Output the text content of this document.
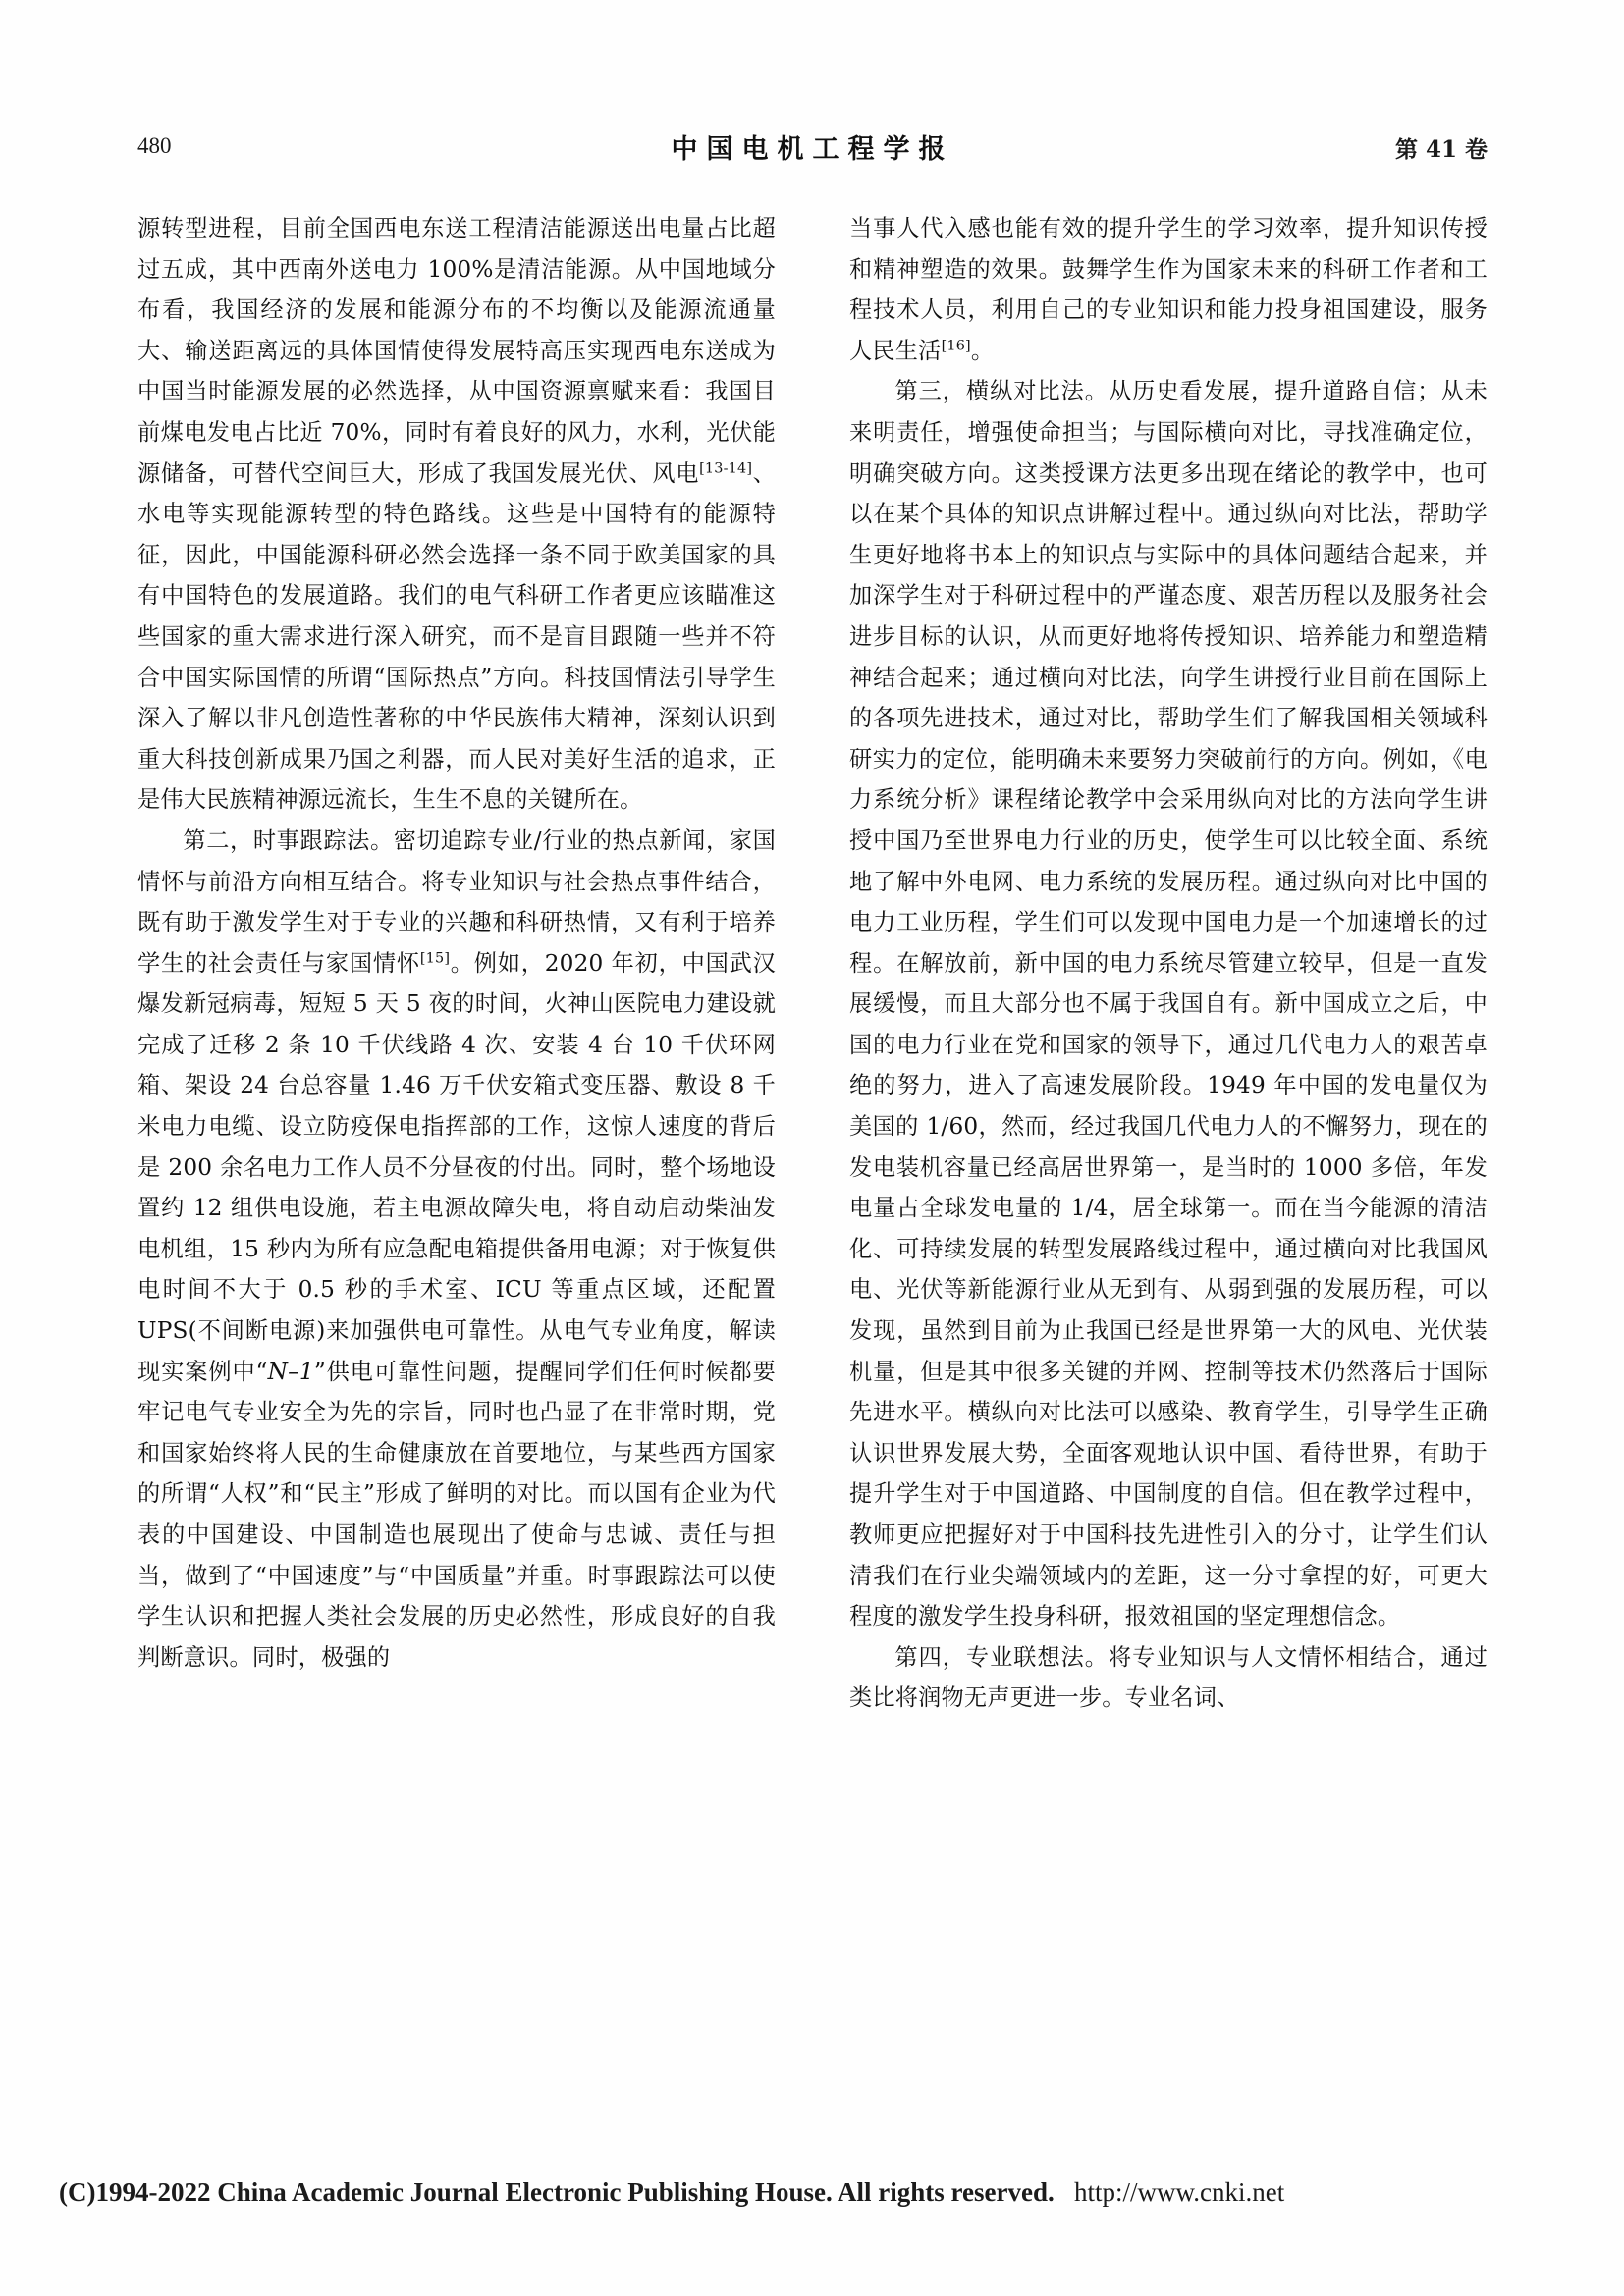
480	中国电机工程学报	第 41 卷

源转型进程，目前全国西电东送工程清洁能源送出电量占比超过五成，其中西南外送电力 100%是清洁能源。从中国地域分布看，我国经济的发展和能源分布的不均衡以及能源流通量大、输送距离远的具体国情使得发展特高压实现西电东送成为中国当时能源发展的必然选择，从中国资源禀赋来看：我国目前煤电发电占比近 70%，同时有着良好的风力，水利，光伏能源储备，可替代空间巨大，形成了我国发展光伏、风电[13-14]、水电等实现能源转型的特色路线。这些是中国特有的能源特征，因此，中国能源科研必然会选择一条不同于欧美国家的具有中国特色的发展道路。我们的电气科研工作者更应该瞄准这些国家的重大需求进行深入研究，而不是盲目跟随一些并不符合中国实际国情的所谓“国际热点”方向。科技国情法引导学生深入了解以非凡创造性著称的中华民族伟大精神，深刻认识到重大科技创新成果乃国之利器，而人民对美好生活的追求，正是伟大民族精神源远流长，生生不息的关键所在。

第二，时事跟踪法。密切追踪专业/行业的热点新闻，家国情怀与前沿方向相互结合。将专业知识与社会热点事件结合，既有助于激发学生对于专业的兴趣和科研热情，又有利于培养学生的社会责任与家国情怀[15]。例如，2020 年初，中国武汉爆发新冠病毒，短短 5 天 5 夜的时间，火神山医院电力建设就完成了迁移 2 条 10 千伏线路 4 次、安装 4 台 10 千伏环网箱、架设 24 台总容量 1.46 万千伏安箱式变压器、敷设 8 千米电力电缆、设立防疫保电指挥部的工作，这惊人速度的背后是 200 余名电力工作人员不分昼夜的付出。同时，整个场地设置约 12 组供电设施，若主电源故障失电，将自动启动柴油发电机组，15 秒内为所有应急配电箱提供备用电源；对于恢复供电时间不大于 0.5 秒的手术室、ICU 等重点区域，还配置 UPS(不间断电源)来加强供电可靠性。从电气专业角度，解读现实案例中“N–1”供电可靠性问题，提醒同学们任何时候都要牢记电气专业安全为先的宗旨，同时也凸显了在非常时期，党和国家始终将人民的生命健康放在首要地位，与某些西方国家的所谓“人权”和“民主”形成了鲜明的对比。而以国有企业为代表的中国建设、中国制造也展现出了使命与忠诚、责任与担当，做到了“中国速度”与“中国质量”并重。时事跟踪法可以使学生认识和把握人类社会发展的历史必然性，形成良好的自我判断意识。同时，极强的

当事人代入感也能有效的提升学生的学习效率，提升知识传授和精神塑造的效果。鼓舞学生作为国家未来的科研工作者和工程技术人员，利用自己的专业知识和能力投身祖国建设，服务人民生活[16]。

第三，横纵对比法。从历史看发展，提升道路自信；从未来明责任，增强使命担当；与国际横向对比，寻找准确定位，明确突破方向。这类授课方法更多出现在绪论的教学中，也可以在某个具体的知识点讲解过程中。通过纵向对比法，帮助学生更好地将书本上的知识点与实际中的具体问题结合起来，并加深学生对于科研过程中的严谨态度、艰苦历程以及服务社会进步目标的认识，从而更好地将传授知识、培养能力和塑造精神结合起来；通过横向对比法，向学生讲授行业目前在国际上的各项先进技术，通过对比，帮助学生们了解我国相关领域科研实力的定位，能明确未来要努力突破前行的方向。例如，《电力系统分析》课程绪论教学中会采用纵向对比的方法向学生讲授中国乃至世界电力行业的历史，使学生可以比较全面、系统地了解中外电网、电力系统的发展历程。通过纵向对比中国的电力工业历程，学生们可以发现中国电力是一个加速增长的过程。在解放前，新中国的电力系统尽管建立较早，但是一直发展缓慢，而且大部分也不属于我国自有。新中国成立之后，中国的电力行业在党和国家的领导下，通过几代电力人的艰苦卓绝的努力，进入了高速发展阶段。1949 年中国的发电量仅为美国的 1/60，然而，经过我国几代电力人的不懈努力，现在的发电装机容量已经高居世界第一，是当时的 1000 多倍，年发电量占全球发电量的 1/4，居全球第一。而在当今能源的清洁化、可持续发展的转型发展路线过程中，通过横向对比我国风电、光伏等新能源行业从无到有、从弱到强的发展历程，可以发现，虽然到目前为止我国已经是世界第一大的风电、光伏装机量，但是其中很多关键的并网、控制等技术仍然落后于国际先进水平。横纵向对比法可以感染、教育学生，引导学生正确认识世界发展大势，全面客观地认识中国、看待世界，有助于提升学生对于中国道路、中国制度的自信。但在教学过程中，教师更应把握好对于中国科技先进性引入的分寸，让学生们认清我们在行业尖端领域内的差距，这一分寸拿捏的好，可更大程度的激发学生投身科研，报效祖国的坚定理想信念。

第四，专业联想法。将专业知识与人文情怀相结合，通过类比将润物无声更进一步。专业名词、

(C)1994-2022 China Academic Journal Electronic Publishing House. All rights reserved. http://www.cnki.net
